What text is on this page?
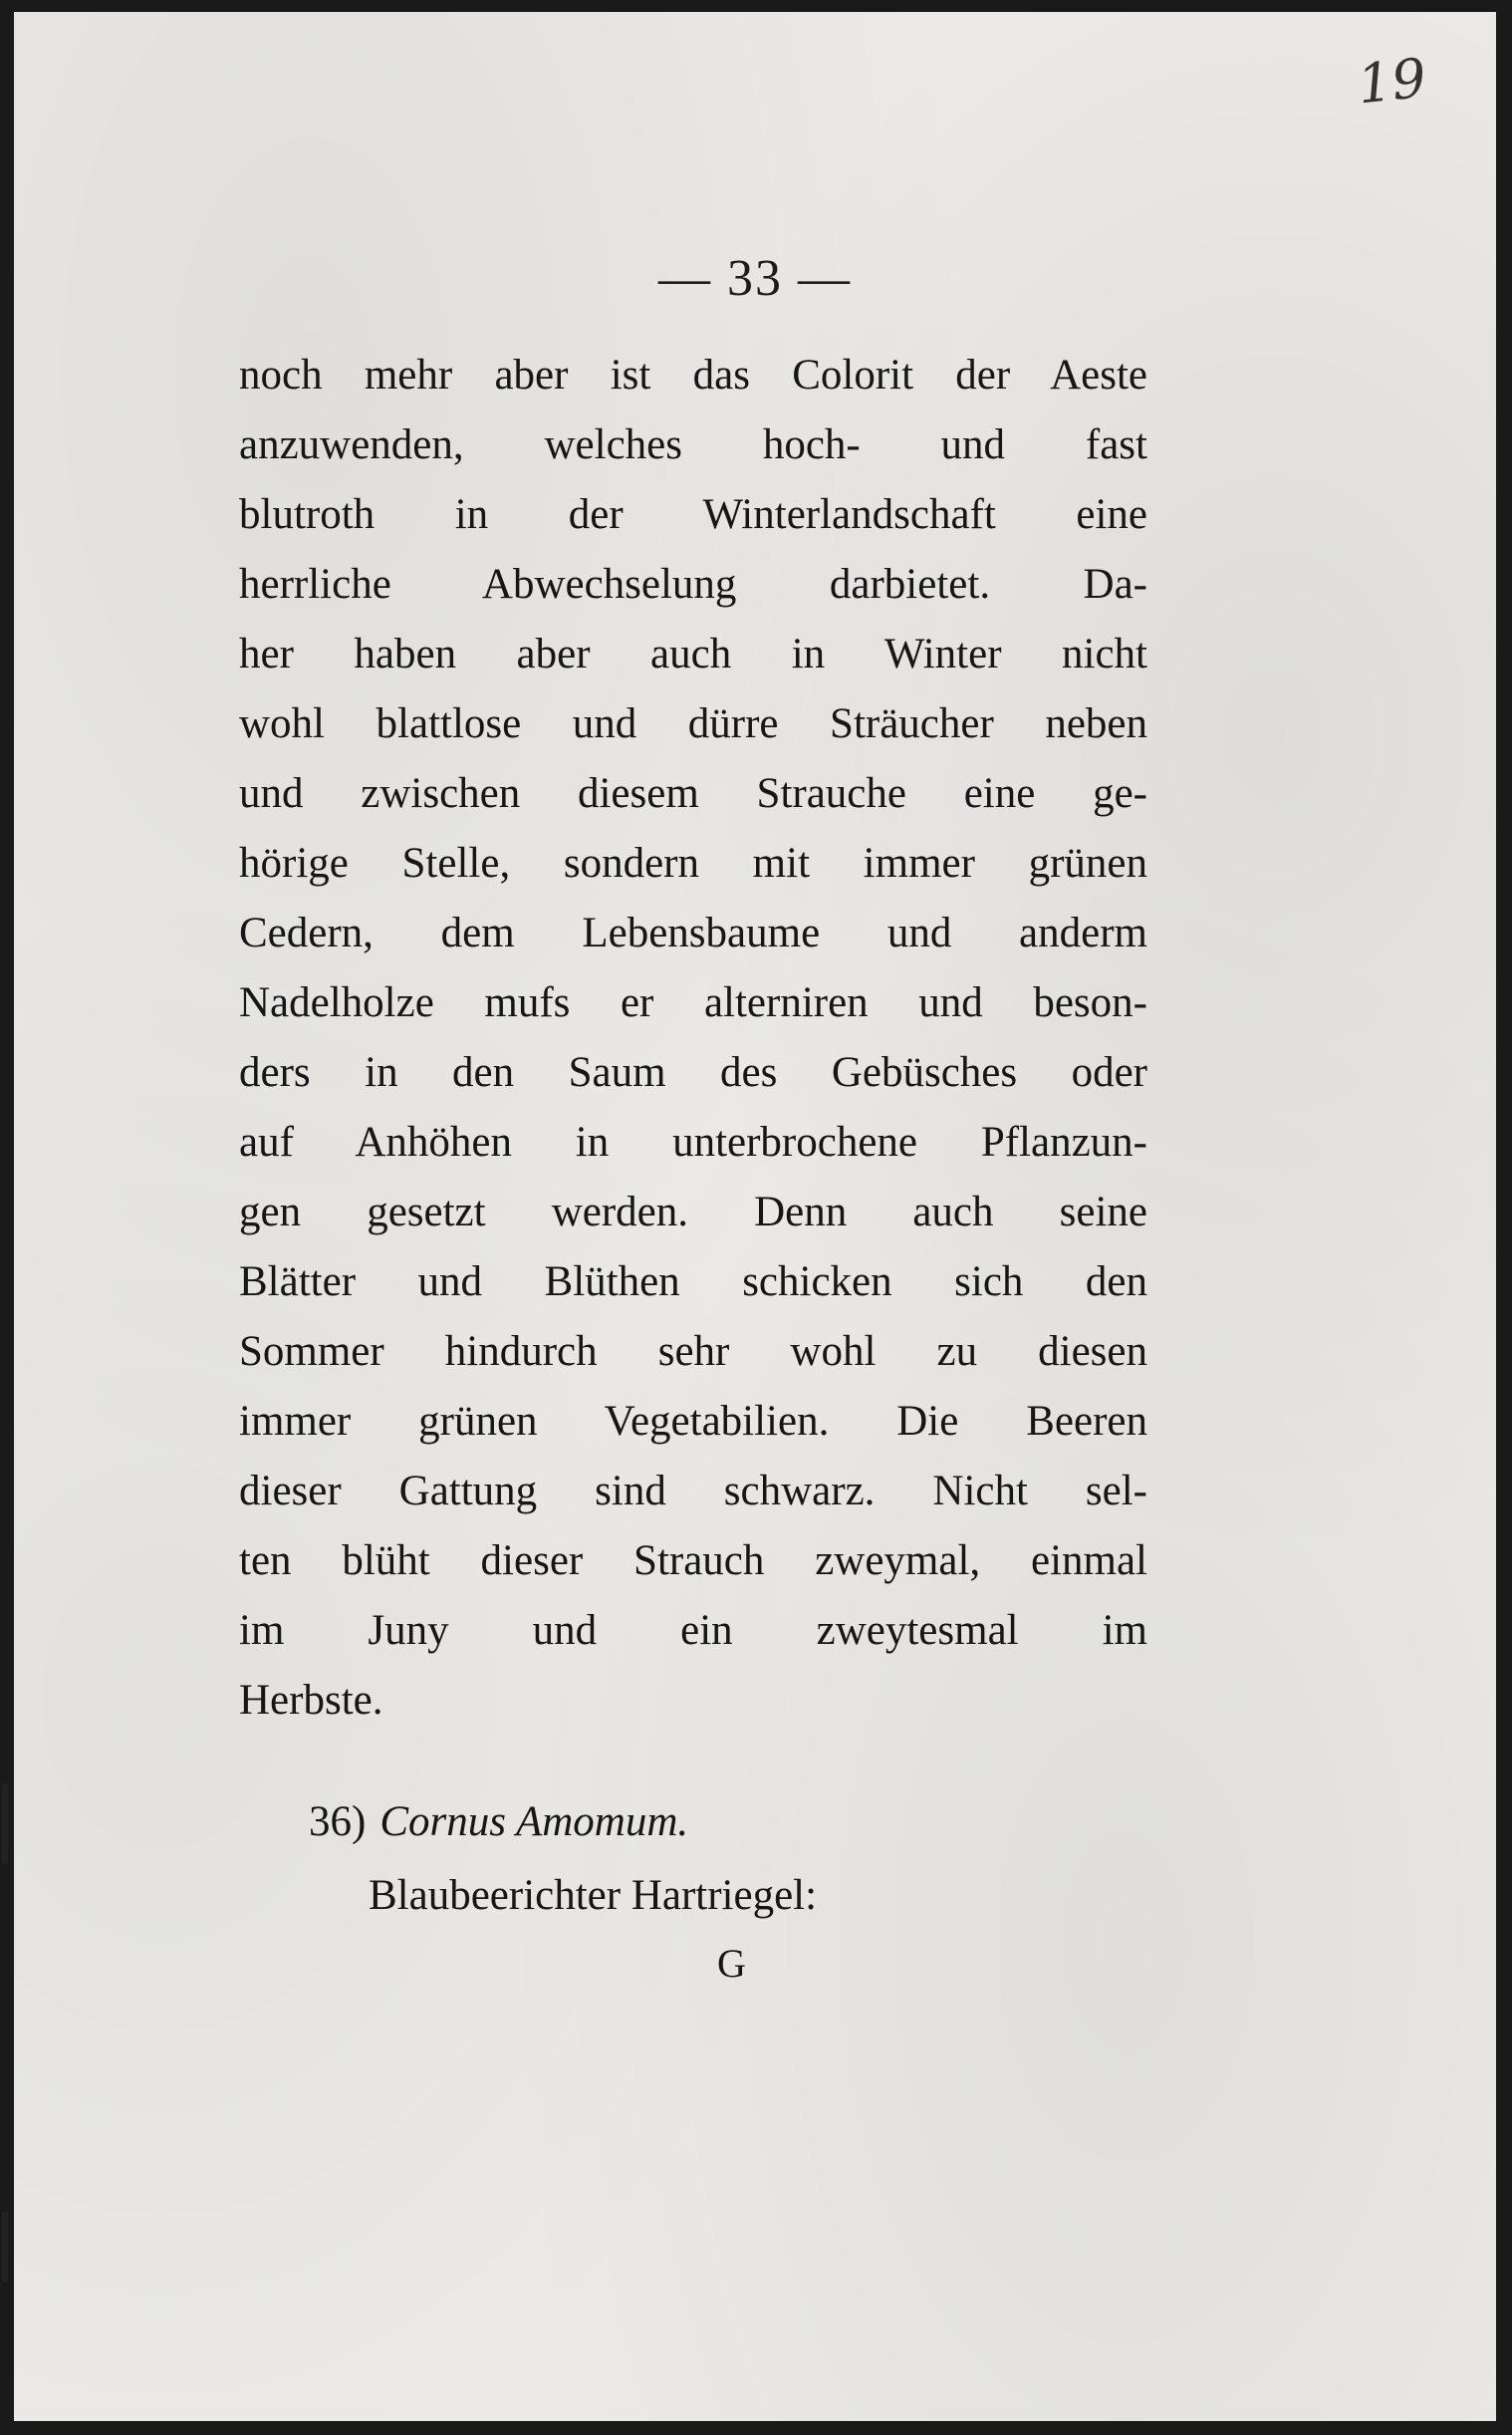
19
— 33 —
noch mehr aber ist das Colorit der Aeste
anzuwenden, welches hoch- und fast
blutroth in der Winterlandschaft eine
herrliche Abwechselung darbietet. Da-
her haben aber auch in Winter nicht
wohl blattlose und dürre Sträucher neben
und zwischen diesem Strauche eine ge-
hörige Stelle, sondern mit immer grünen
Cedern, dem Lebensbaume und anderm
Nadelholze mufs er alterniren und beson-
ders in den Saum des Gebüsches oder
auf Anhöhen in unterbrochene Pflanzun-
gen gesetzt werden. Denn auch seine
Blätter und Blüthen schicken sich den
Sommer hindurch sehr wohl zu diesen
immer grünen Vegetabilien. Die Beeren
dieser Gattung sind schwarz. Nicht sel-
ten blüht dieser Strauch zweymal, einmal
im Juny und ein zweytesmal im
Herbste.
36) Cornus Amomum.
Blaubeerichter Hartriegel:
G
